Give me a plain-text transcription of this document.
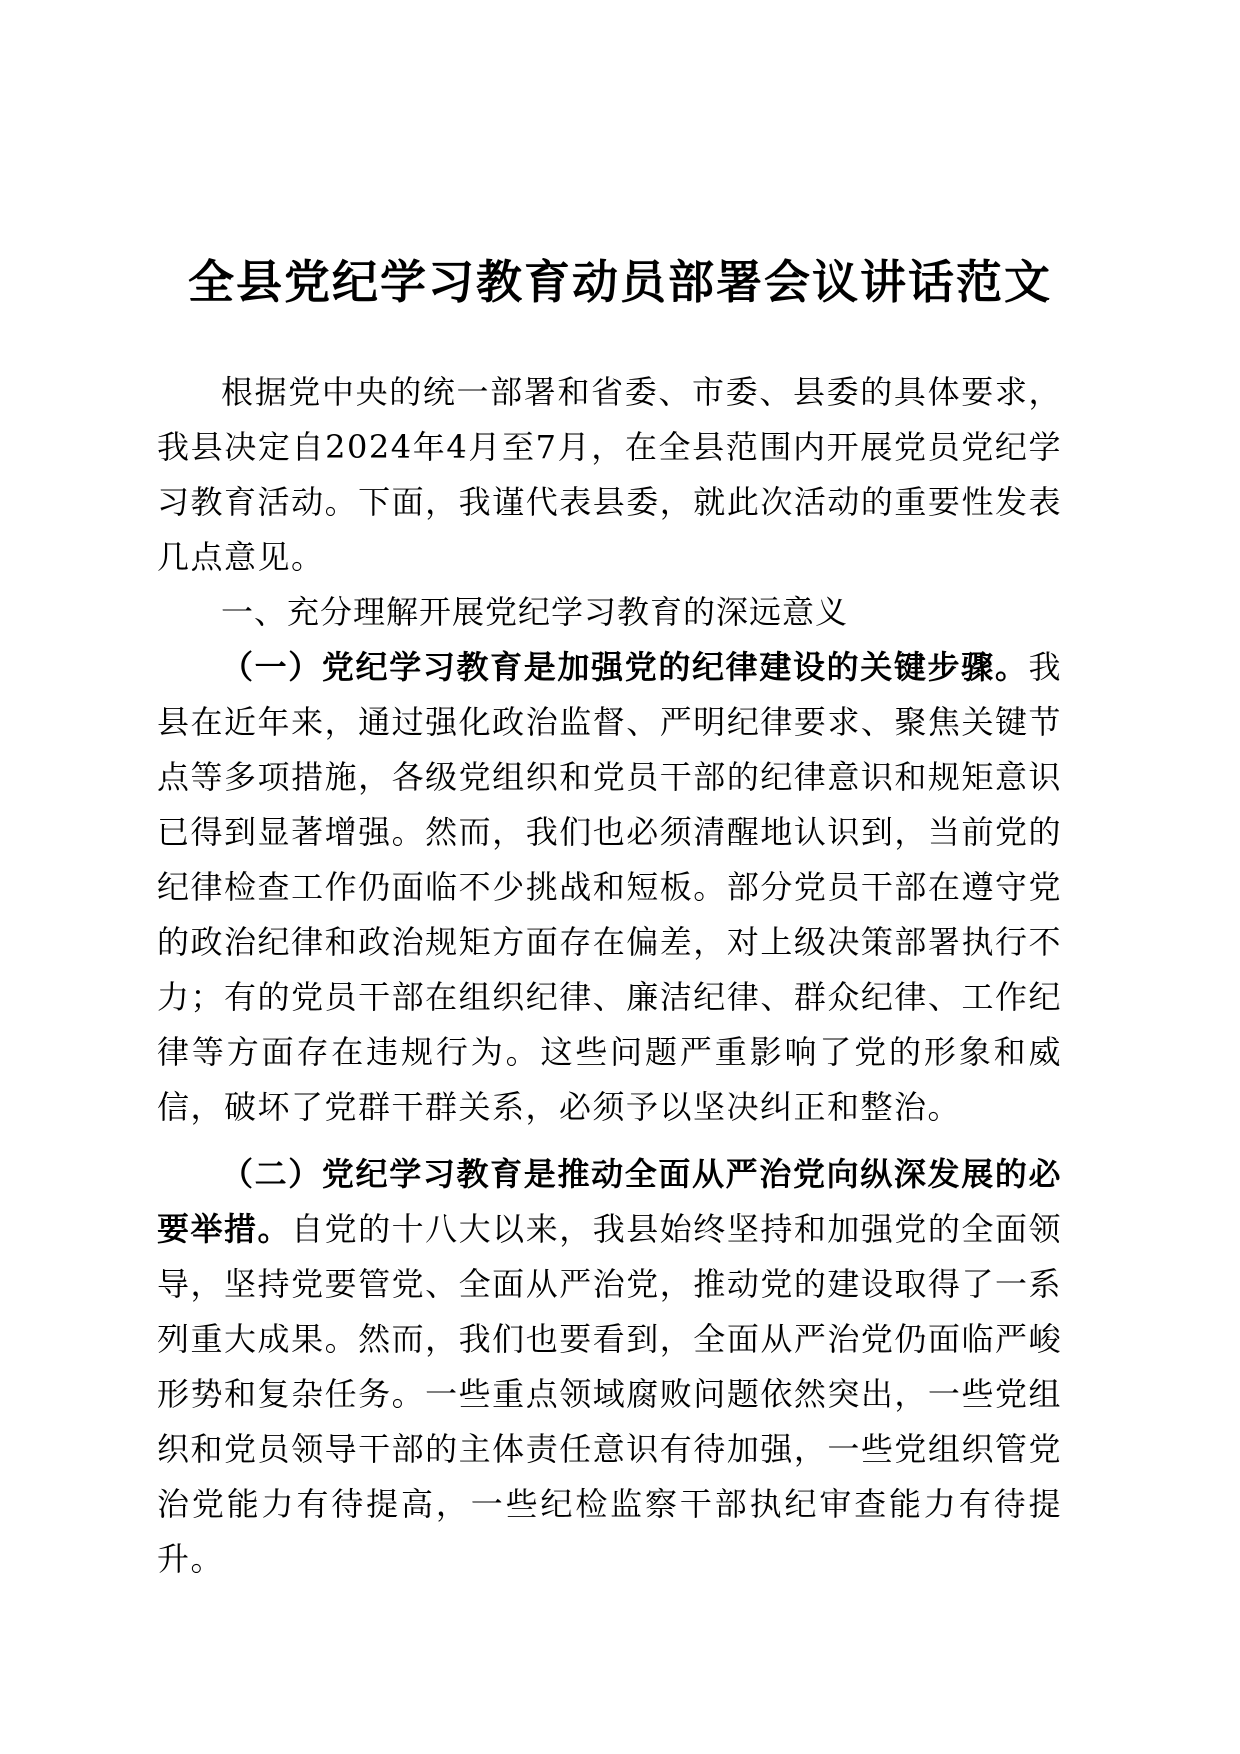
全县党纪学习教育动员部署会议讲话范文

根据党中央的统一部署和省委、市委、县委的具体要求，我县决定自2024年4月至7月，在全县范围内开展党员党纪学习教育活动。下面，我谨代表县委，就此次活动的重要性发表几点意见。

一、充分理解开展党纪学习教育的深远意义

（一）党纪学习教育是加强党的纪律建设的关键步骤。我县在近年来，通过强化政治监督、严明纪律要求、聚焦关键节点等多项措施，各级党组织和党员干部的纪律意识和规矩意识已得到显著增强。然而，我们也必须清醒地认识到，当前党的纪律检查工作仍面临不少挑战和短板。部分党员干部在遵守党的政治纪律和政治规矩方面存在偏差，对上级决策部署执行不力；有的党员干部在组织纪律、廉洁纪律、群众纪律、工作纪律等方面存在违规行为。这些问题严重影响了党的形象和威信，破坏了党群干群关系，必须予以坚决纠正和整治。

（二）党纪学习教育是推动全面从严治党向纵深发展的必要举措。自党的十八大以来，我县始终坚持和加强党的全面领导，坚持党要管党、全面从严治党，推动党的建设取得了一系列重大成果。然而，我们也要看到，全面从严治党仍面临严峻形势和复杂任务。一些重点领域腐败问题依然突出，一些党组织和党员领导干部的主体责任意识有待加强，一些党组织管党治党能力有待提高，一些纪检监察干部执纪审查能力有待提升。
